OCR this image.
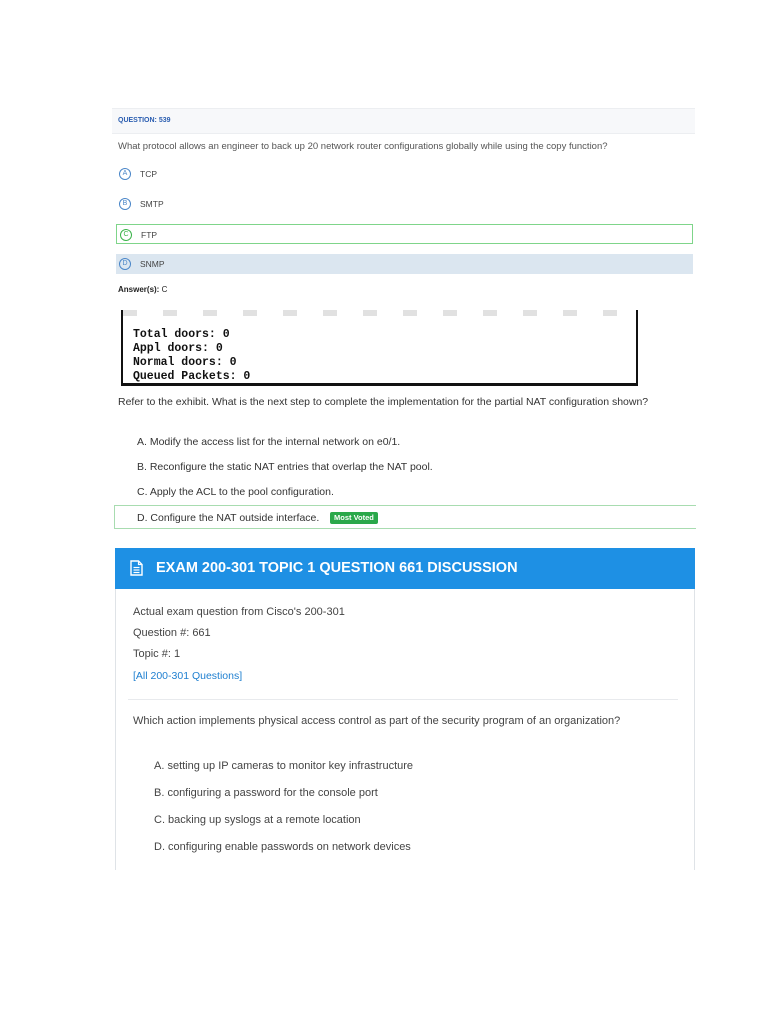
QUESTION: 539
What protocol allows an engineer to back up 20 network router configurations globally while using the copy function?
A	TCP
B	SMTP
C	FTP
D	SNMP
Answer(s): C
Total doors: 0
Appl doors: 0
Normal doors: 0
Queued Packets: 0
Refer to the exhibit. What is the next step to complete the implementation for the partial NAT configuration shown?
A. Modify the access list for the internal network on e0/1.
B. Reconfigure the static NAT entries that overlap the NAT pool.
C. Apply the ACL to the pool configuration.
D. Configure the NAT outside interface.	Most Voted
EXAM 200-301 TOPIC 1 QUESTION 661 DISCUSSION
Actual exam question from Cisco's 200-301
Question #: 661
Topic #: 1
[All 200-301 Questions]
Which action implements physical access control as part of the security program of an organization?
A. setting up IP cameras to monitor key infrastructure
B. configuring a password for the console port
C. backing up syslogs at a remote location
D. configuring enable passwords on network devices
